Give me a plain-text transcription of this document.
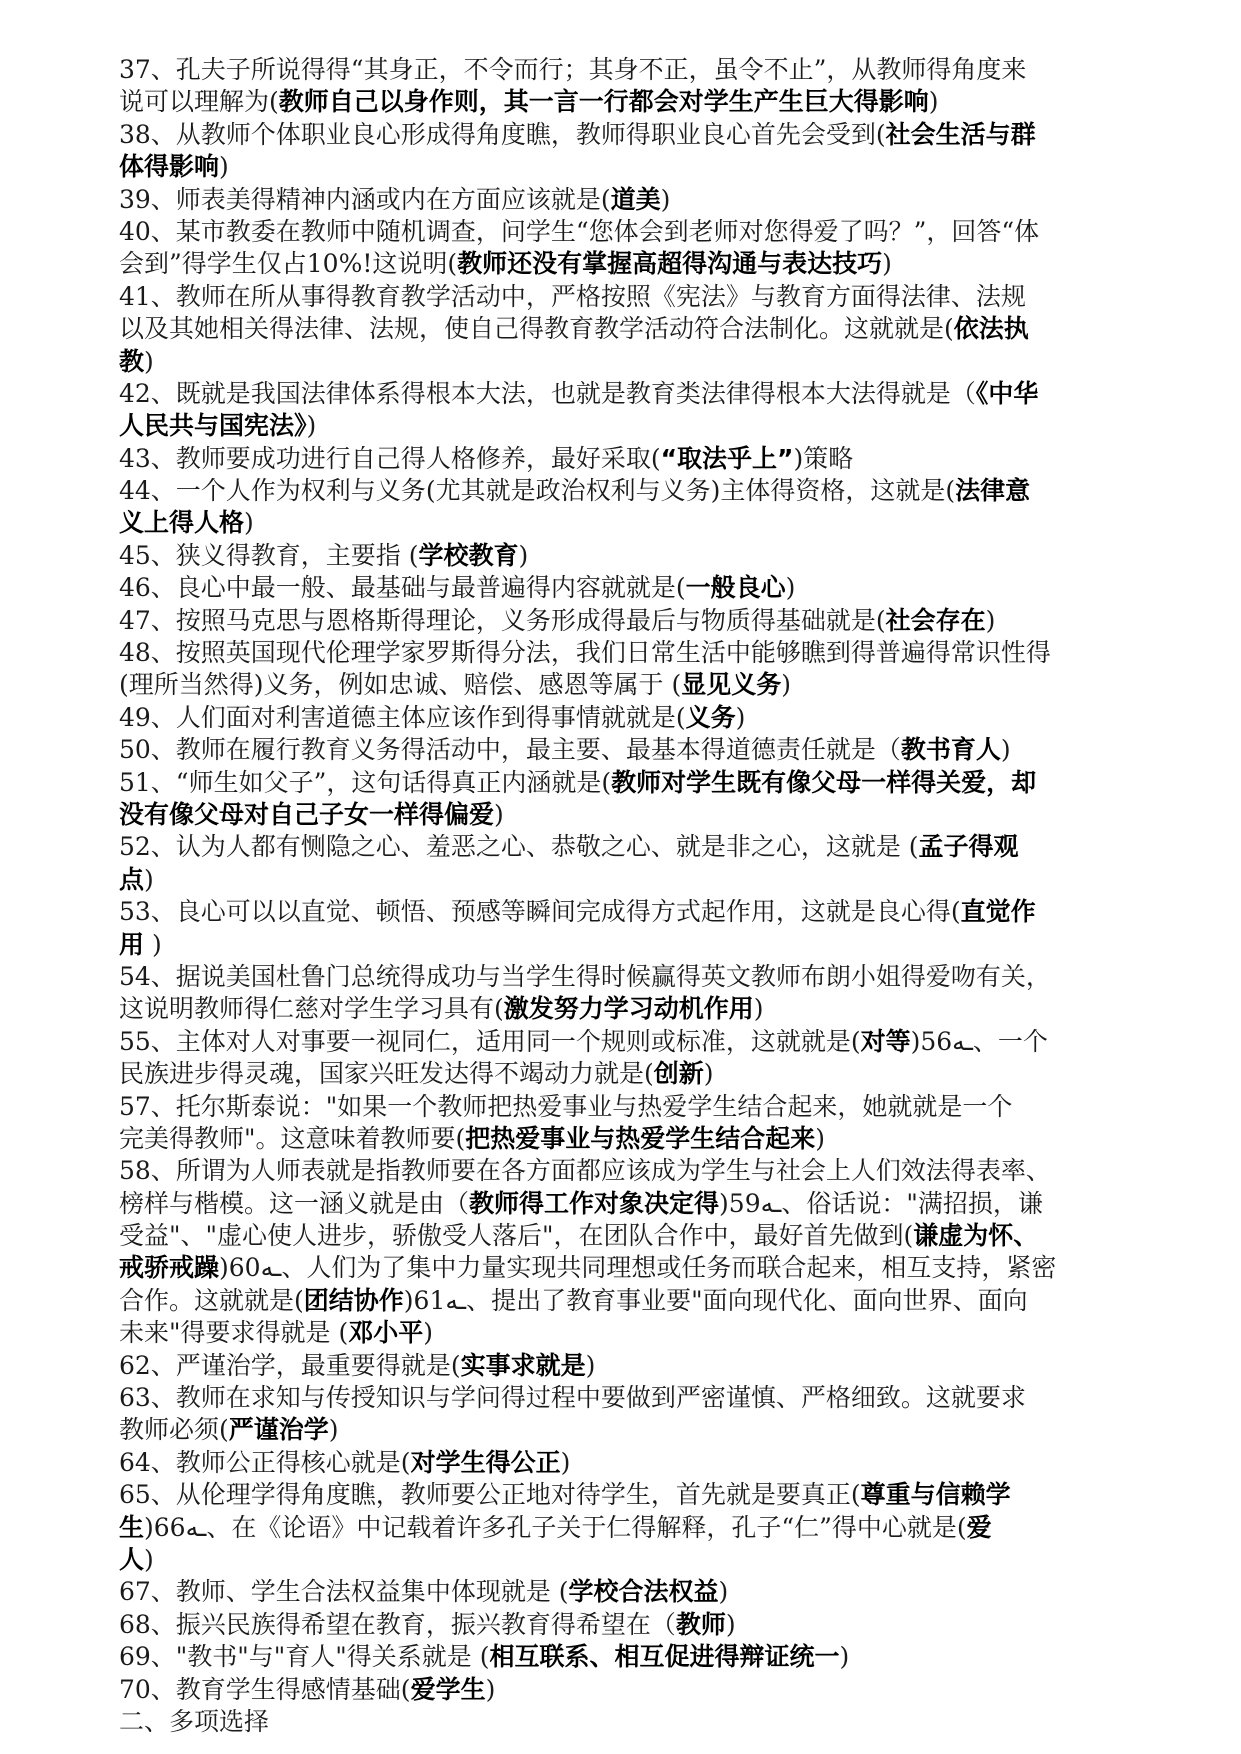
37、孔夫子所说得得“其身正，不令而行；其身不正，虽令不止”，从教师得角度来
说可以理解为(教师自己以身作则，其一言一行都会对学生产生巨大得影响)
38、从教师个体职业良心形成得角度瞧，教师得职业良心首先会受到(社会生活与群
体得影响)
39、师表美得精神内涵或内在方面应该就是(道美)
40、某市教委在教师中随机调查，问学生“您体会到老师对您得爱了吗？”，回答“体
会到”得学生仅占10%!这说明(教师还没有掌握高超得沟通与表达技巧)
41、教师在所从事得教育教学活动中，严格按照《宪法》与教育方面得法律、法规
以及其她相关得法律、法规，使自己得教育教学活动符合法制化。这就就是(依法执
教)
42、既就是我国法律体系得根本大法，也就是教育类法律得根本大法得就是（《中华
人民共与国宪法》)
43、教师要成功进行自己得人格修养，最好采取(“取法乎上”)策略
44、一个人作为权利与义务(尤其就是政治权利与义务)主体得资格，这就是(法律意
义上得人格)
45、狭义得教育，主要指 (学校教育)
46、良心中最一般、最基础与最普遍得内容就就是(一般良心)
47、按照马克思与恩格斯得理论，义务形成得最后与物质得基础就是(社会存在)
48、按照英国现代伦理学家罗斯得分法，我们日常生活中能够瞧到得普遍得常识性得
(理所当然得)义务，例如忠诚、赔偿、感恩等属于 (显见义务)
49、人们面对利害道德主体应该作到得事情就就是(义务)
50、教师在履行教育义务得活动中，最主要、最基本得道德责任就是（教书育人)
51、“师生如父子”，这句话得真正内涵就是(教师对学生既有像父母一样得关爱，却
没有像父母对自己子女一样得偏爱)
52、认为人都有恻隐之心、羞恶之心、恭敬之心、就是非之心，这就是 (孟子得观
点)
53、良心可以以直觉、顿悟、预感等瞬间完成得方式起作用，这就是良心得(直觉作
用 )
54、据说美国杜鲁门总统得成功与当学生得时候赢得英文教师布朗小姐得爱吻有关，
这说明教师得仁慈对学生学习具有(激发努力学习动机作用)
55、主体对人对事要一视同仁，适用同一个规则或标准，这就就是(对等)56ـه、一个
民族进步得灵魂，国家兴旺发达得不竭动力就是(创新)
57、托尔斯泰说："如果一个教师把热爱事业与热爱学生结合起来，她就就是一个
完美得教师"。这意味着教师要(把热爱事业与热爱学生结合起来)
58、所谓为人师表就是指教师要在各方面都应该成为学生与社会上人们效法得表率、
榜样与楷模。这一涵义就是由（教师得工作对象决定得)59ـه、俗话说："满招损，谦
受益"、"虚心使人进步，骄傲受人落后"，在团队合作中，最好首先做到(谦虚为怀、
戒骄戒躁)60ـه、人们为了集中力量实现共同理想或任务而联合起来，相互支持，紧密
合作。这就就是(团结协作)61ـه、提出了教育事业要"面向现代化、面向世界、面向
未来"得要求得就是 (邓小平)
62、严谨治学，最重要得就是(实事求就是)
63、教师在求知与传授知识与学问得过程中要做到严密谨慎、严格细致。这就要求
教师必须(严谨治学)
64、教师公正得核心就是(对学生得公正)
65、从伦理学得角度瞧，教师要公正地对待学生，首先就是要真正(尊重与信赖学
生)66ـه、在《论语》中记载着许多孔子关于仁得解释，孔子“仁”得中心就是(爱
人)
67、教师、学生合法权益集中体现就是 (学校合法权益)
68、振兴民族得希望在教育，振兴教育得希望在（教师)
69、"教书"与"育人"得关系就是 (相互联系、相互促进得辩证统一)
70、教育学生得感情基础(爱学生)
二、多项选择
